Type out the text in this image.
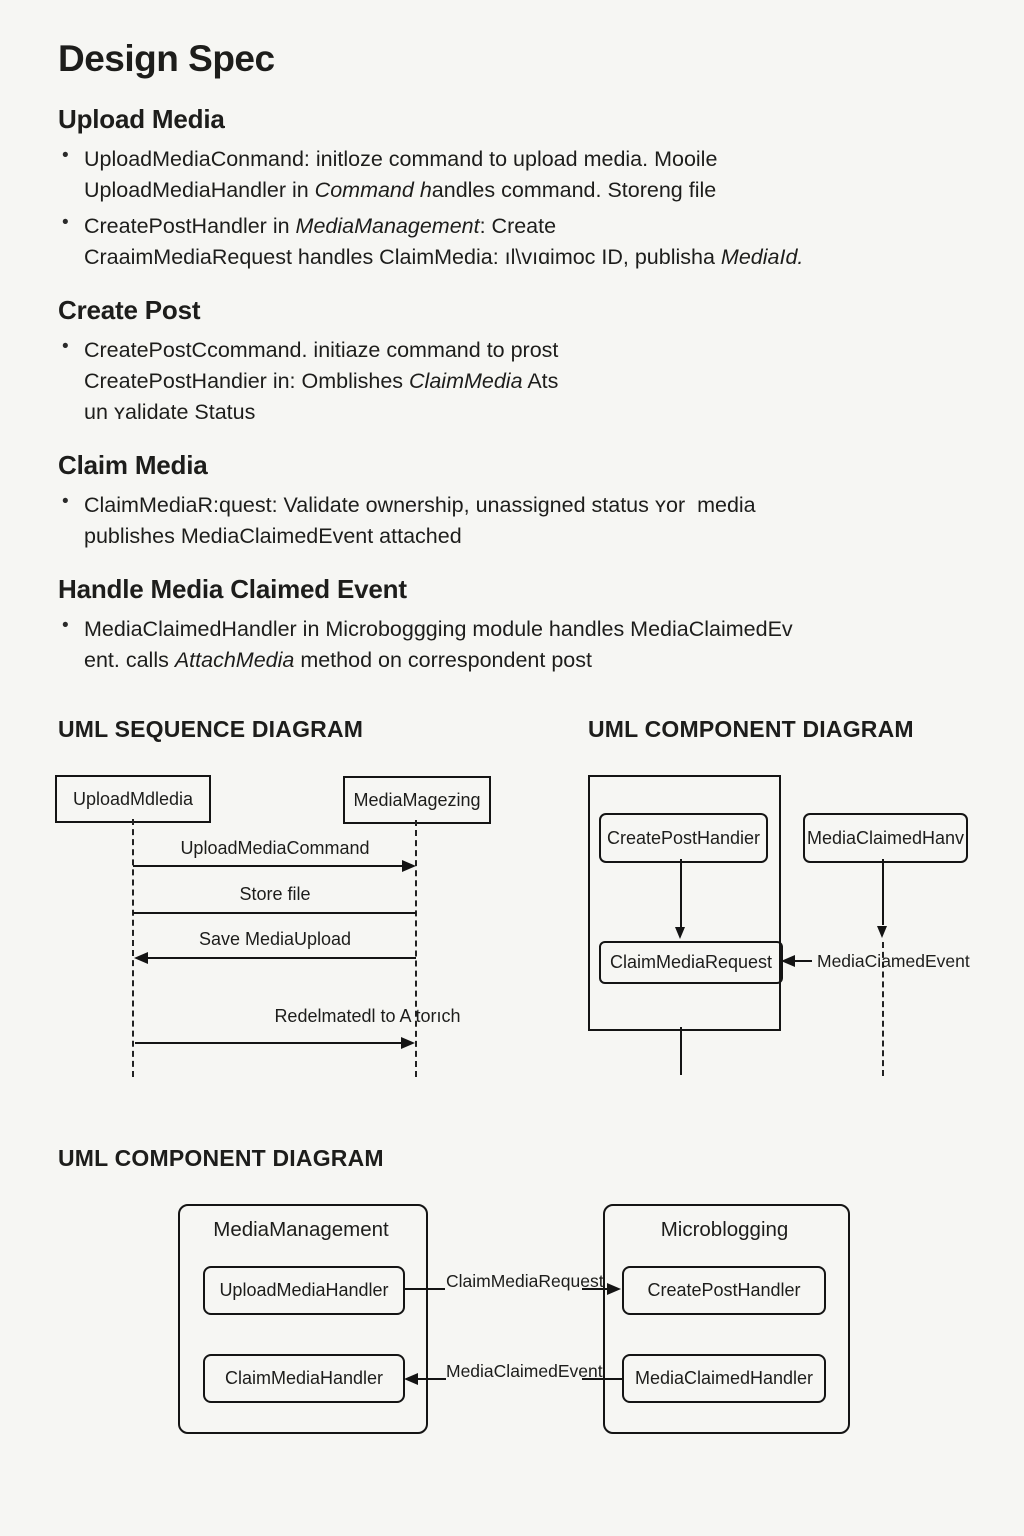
Design Spec
Upload Media
• UploadMediaConmand: initloze command to upload media. Mooile
UploadMediaHandler in Command handles command. Storeng file
• CreatePostHandler in MediaManagement: Create
CraaimMediaRequest handles ClaimMedia: ıl\vıɑimoc ID, publisha MediaId.
Create Post
• CreatePostCcommand. initiaze command to prost
CreatePostHandier in: Omblishes ClaimMedia Ats
un ʏalidate Status
Claim Media
• ClaimMediaR:quest: Validate ownership, unassigned status ʏor  media
publishes MediaClaimedEvent attached
Handle Media Claimed Event
• MediaClaimedHandler in Microboggging module handles MediaClaimedEv
ent. calls AttachMedia method on correspondent post
UML SEQUENCE DIAGRAM
UploadMdledia	MediaMagezing
UploadMediaCommand
Store file
Save MediaUpload
Redelmatedl to A torıch
UML COMPONENT DIAGRAM
CreatePostHandier
ClaimMediaRequest
MediaClaimedHanv
MediaCiamedEvent
UML COMPONENT DIAGRAM
MediaManagement
UploadMediaHandler
ClaimMediaHandler
Microblogging
CreatePostHandler
MediaClaimedHandler
ClaimMediaRequest
MediaClaimedEvent
